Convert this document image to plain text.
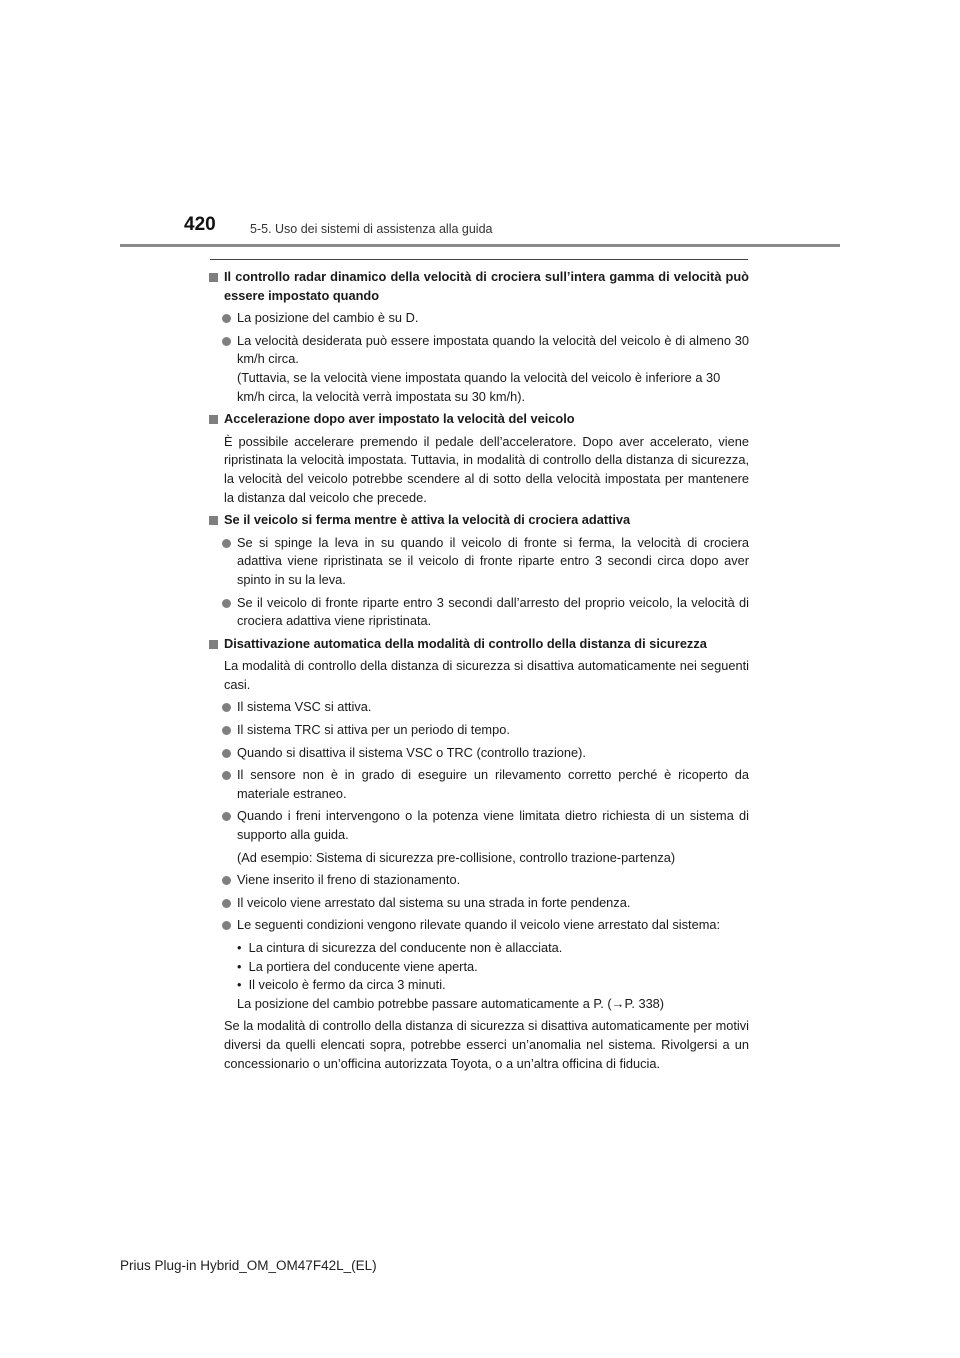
420	5-5. Uso dei sistemi di assistenza alla guida
Il controllo radar dinamico della velocità di crociera sull’intera gamma di velocità può essere impostato quando
La posizione del cambio è su D.
La velocità desiderata può essere impostata quando la velocità del veicolo è di almeno 30 km/h circa.
(Tuttavia, se la velocità viene impostata quando la velocità del veicolo è inferiore a 30 km/h circa, la velocità verrà impostata su 30 km/h).
Accelerazione dopo aver impostato la velocità del veicolo
È possibile accelerare premendo il pedale dell’acceleratore. Dopo aver accelerato, viene ripristinata la velocità impostata. Tuttavia, in modalità di controllo della distanza di sicurezza, la velocità del veicolo potrebbe scendere al di sotto della velocità impostata per mantenere la distanza dal veicolo che precede.
Se il veicolo si ferma mentre è attiva la velocità di crociera adattiva
Se si spinge la leva in su quando il veicolo di fronte si ferma, la velocità di crociera adattiva viene ripristinata se il veicolo di fronte riparte entro 3 secondi circa dopo aver spinto in su la leva.
Se il veicolo di fronte riparte entro 3 secondi dall’arresto del proprio veicolo, la velocità di crociera adattiva viene ripristinata.
Disattivazione automatica della modalità di controllo della distanza di sicurezza
La modalità di controllo della distanza di sicurezza si disattiva automaticamente nei seguenti casi.
Il sistema VSC si attiva.
Il sistema TRC si attiva per un periodo di tempo.
Quando si disattiva il sistema VSC o TRC (controllo trazione).
Il sensore non è in grado di eseguire un rilevamento corretto perché è ricoperto da materiale estraneo.
Quando i freni intervengono o la potenza viene limitata dietro richiesta di un sistema di supporto alla guida.
(Ad esempio: Sistema di sicurezza pre-collisione, controllo trazione-partenza)
Viene inserito il freno di stazionamento.
Il veicolo viene arrestato dal sistema su una strada in forte pendenza.
Le seguenti condizioni vengono rilevate quando il veicolo viene arrestato dal sistema:
•  La cintura di sicurezza del conducente non è allacciata.
•  La portiera del conducente viene aperta.
•  Il veicolo è fermo da circa 3 minuti.
La posizione del cambio potrebbe passare automaticamente a P. (→P. 338)
Se la modalità di controllo della distanza di sicurezza si disattiva automaticamente per motivi diversi da quelli elencati sopra, potrebbe esserci un’anomalia nel sistema. Rivolgersi a un concessionario o un’officina autorizzata Toyota, o a un’altra officina di fiducia.
Prius Plug-in Hybrid_OM_OM47F42L_(EL)
